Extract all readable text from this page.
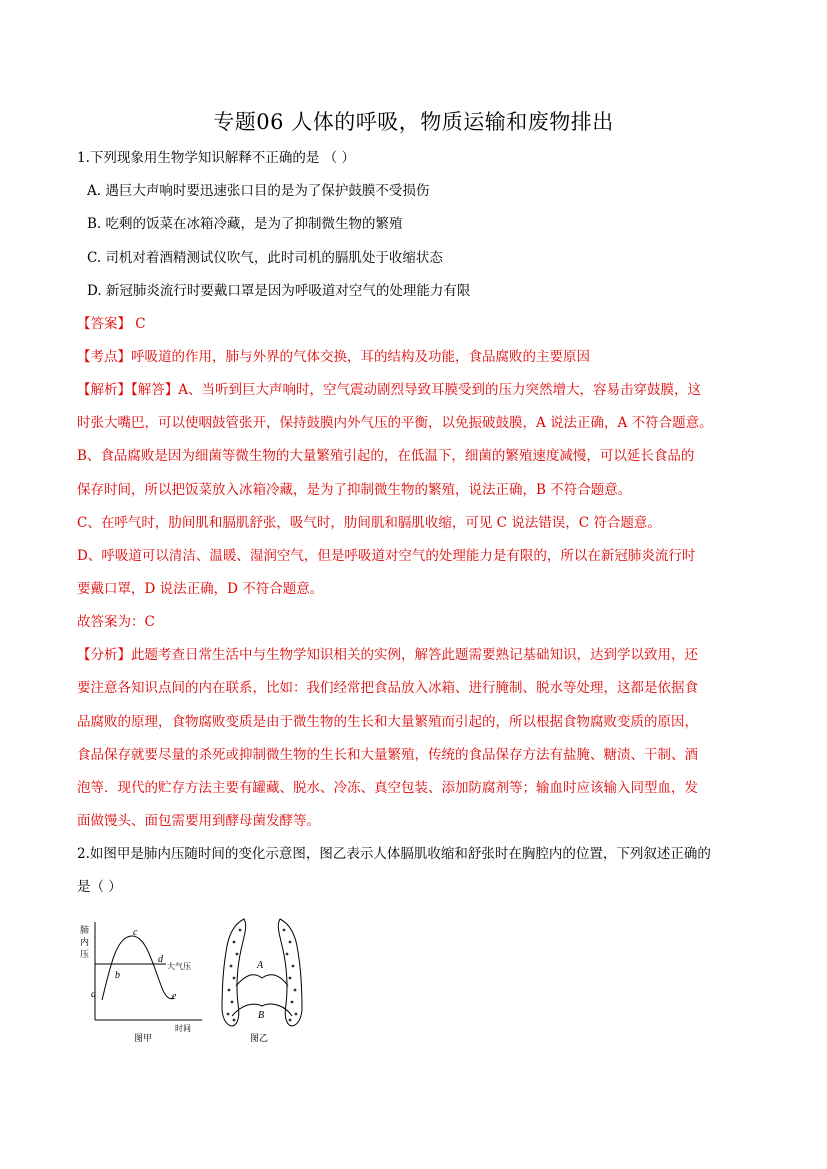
专题06 人体的呼吸，物质运输和废物排出
1.下列现象用生物学知识解释不正确的是 （ ）
A. 遇巨大声响时要迅速张口目的是为了保护鼓膜不受损伤
B. 吃剩的饭菜在冰箱冷藏，是为了抑制微生物的繁殖
C. 司机对着酒精测试仪吹气，此时司机的膈肌处于收缩状态
D. 新冠肺炎流行时要戴口罩是因为呼吸道对空气的处理能力有限
【答案】 C
【考点】呼吸道的作用，肺与外界的气体交换，耳的结构及功能，食品腐败的主要原因
【解析】【解答】A、当听到巨大声响时，空气震动剧烈导致耳膜受到的压力突然增大，容易击穿鼓膜，这
时张大嘴巴，可以使咽鼓管张开，保持鼓膜内外气压的平衡，以免振破鼓膜，A 说法正确，A 不符合题意。
B、食品腐败是因为细菌等微生物的大量繁殖引起的，在低温下，细菌的繁殖速度减慢，可以延长食品的
保存时间，所以把饭菜放入冰箱冷藏，是为了抑制微生物的繁殖，说法正确，B 不符合题意。
C、在呼气时，肋间肌和膈肌舒张，吸气时，肋间肌和膈肌收缩，可见 C 说法错误，C 符合题意。
D、呼吸道可以清洁、温暖、湿润空气，但是呼吸道对空气的处理能力是有限的，所以在新冠肺炎流行时
要戴口罩，D 说法正确，D 不符合题意。
故答案为：C
【分析】此题考查日常生活中与生物学知识相关的实例，解答此题需要熟记基础知识，达到学以致用，还
要注意各知识点间的内在联系，比如：我们经常把食品放入冰箱、进行腌制、脱水等处理，这都是依据食
品腐败的原理，食物腐败变质是由于微生物的生长和大量繁殖而引起的，所以根据食物腐败变质的原因，
食品保存就要尽量的杀死或抑制微生物的生长和大量繁殖，传统的食品保存方法有盐腌、糖渍、干制、酒
泡等．现代的贮存方法主要有罐藏、脱水、冷冻、真空包装、添加防腐剂等；输血时应该输入同型血，发
面做馒头、面包需要用到酵母菌发酵等。
2.如图甲是肺内压随时间的变化示意图，图乙表示人体膈肌收缩和舒张时在胸腔内的位置，下列叙述正确的
是（ ）
肺
内
压
a
b
c
d
e
大气压
时间
图甲
A
B
图乙
